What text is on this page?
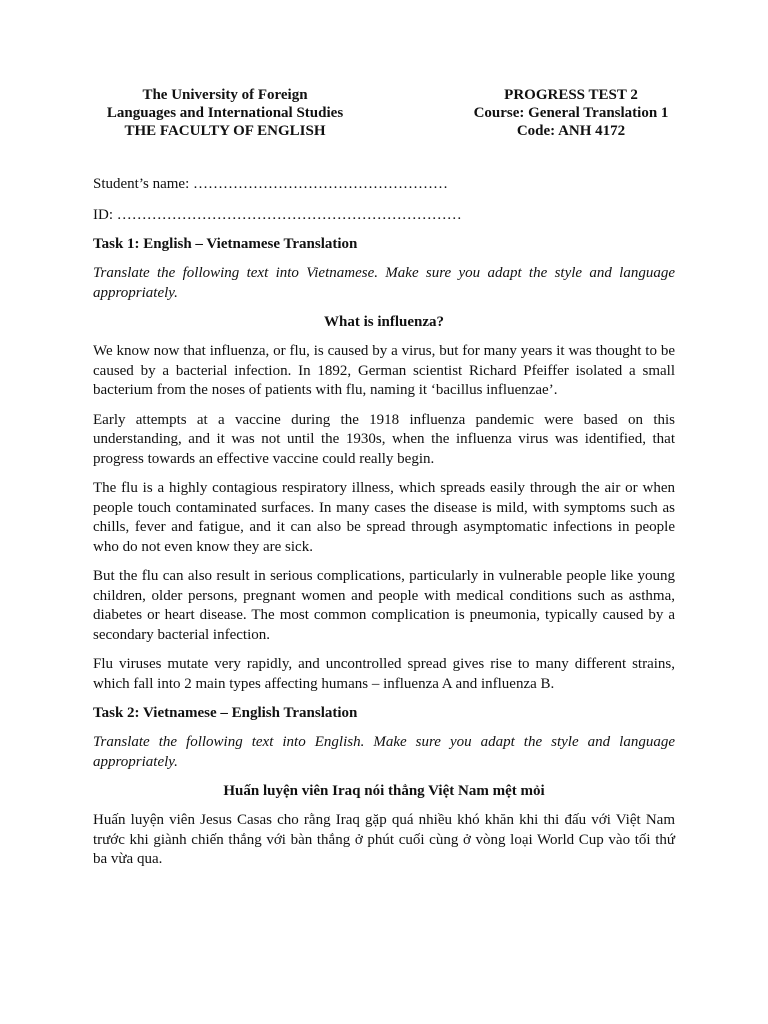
The University of Foreign
Languages and International Studies
THE FACULTY OF ENGLISH
PROGRESS TEST 2
Course: General Translation 1
Code: ANH 4172
Student’s name: ……………………………………………
ID: ……………………………………………………………
Task 1: English – Vietnamese Translation
Translate the following text into Vietnamese. Make sure you adapt the style and language appropriately.
What is influenza?

We know now that influenza, or flu, is caused by a virus, but for many years it was thought to be caused by a bacterial infection. In 1892, German scientist Richard Pfeiffer isolated a small bacterium from the noses of patients with flu, naming it ‘bacillus influenzae’.

Early attempts at a vaccine during the 1918 influenza pandemic were based on this understanding, and it was not until the 1930s, when the influenza virus was identified, that progress towards an effective vaccine could really begin.

The flu is a highly contagious respiratory illness, which spreads easily through the air or when people touch contaminated surfaces. In many cases the disease is mild, with symptoms such as chills, fever and fatigue, and it can also be spread through asymptomatic infections in people who do not even know they are sick.

But the flu can also result in serious complications, particularly in vulnerable people like young children, older persons, pregnant women and people with medical conditions such as asthma, diabetes or heart disease. The most common complication is pneumonia, typically caused by a secondary bacterial infection.

Flu viruses mutate very rapidly, and uncontrolled spread gives rise to many different strains, which fall into 2 main types affecting humans – influenza A and influenza B.

Task 2: Vietnamese – English Translation
Translate the following text into English. Make sure you adapt the style and language appropriately.
Huấn luyện viên Iraq nói thẳng Việt Nam mệt mỏi

Huấn luyện viên Jesus Casas cho rằng Iraq gặp quá nhiều khó khăn khi thi đấu với Việt Nam trước khi giành chiến thắng với bàn thắng ở phút cuối cùng ở vòng loại World Cup vào tối thứ ba vừa qua.
